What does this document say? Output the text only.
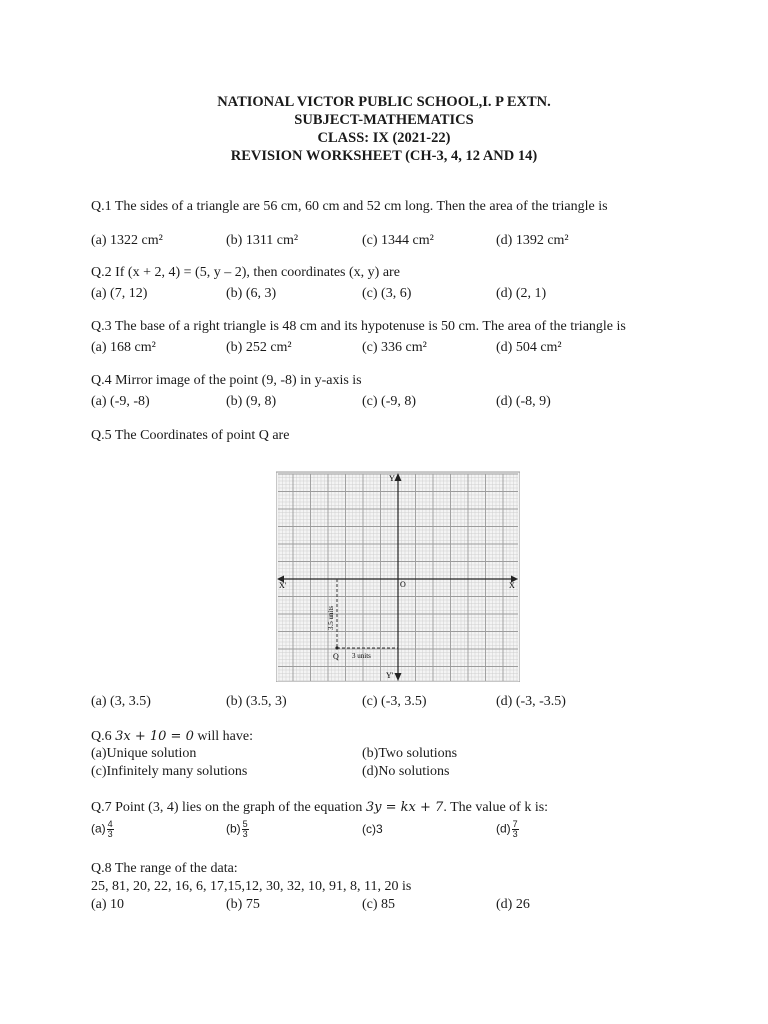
NATIONAL VICTOR PUBLIC SCHOOL,I. P EXTN.
SUBJECT-MATHEMATICS
CLASS: IX (2021-22)
REVISION WORKSHEET (CH-3, 4, 12 AND 14)
Q.1 The sides of a triangle are 56 cm, 60 cm and 52 cm long. Then the area of the triangle is
(a) 1322 cm²	(b) 1311 cm²	(c) 1344 cm²	(d) 1392 cm²
Q.2 If (x + 2, 4) = (5, y – 2), then coordinates (x, y) are
(a) (7, 12)	(b) (6, 3)	(c) (3, 6)	(d) (2, 1)
Q.3 The base of a right triangle is 48 cm and its hypotenuse is 50 cm. The area of the triangle is
(a) 168 cm²	(b) 252 cm²	(c) 336 cm²	(d) 504 cm²
Q.4 Mirror image of the point (9, -8) in y-axis is
(a) (-9, -8)	(b) (9, 8)	(c) (-9, 8)	(d) (-8, 9)
Q.5 The Coordinates of point Q are
Y
Y'
X
X'	O
Q 3 units
3.5 units
(a) (3, 3.5)	(b) (3.5, 3)	(c) (-3, 3.5)	(d) (-3, -3.5)
Q.6 3x + 10 = 0 will have:
(a)Unique solution	(b)Two solutions
(c)Infinitely many solutions	(d)No solutions
Q.7 Point (3, 4) lies on the graph of the equation 3y = kx + 7. The value of k is:
$(a) \frac{4}{3}$	$(b) \frac{5}{3}$	(c)3	$(d) \frac{7}{3}$
Q.8 The range of the data:
25, 81, 20, 22, 16, 6, 17,15,12, 30, 32, 10, 91, 8, 11, 20 is
(a) 10	(b) 75	(c) 85	(d) 26
